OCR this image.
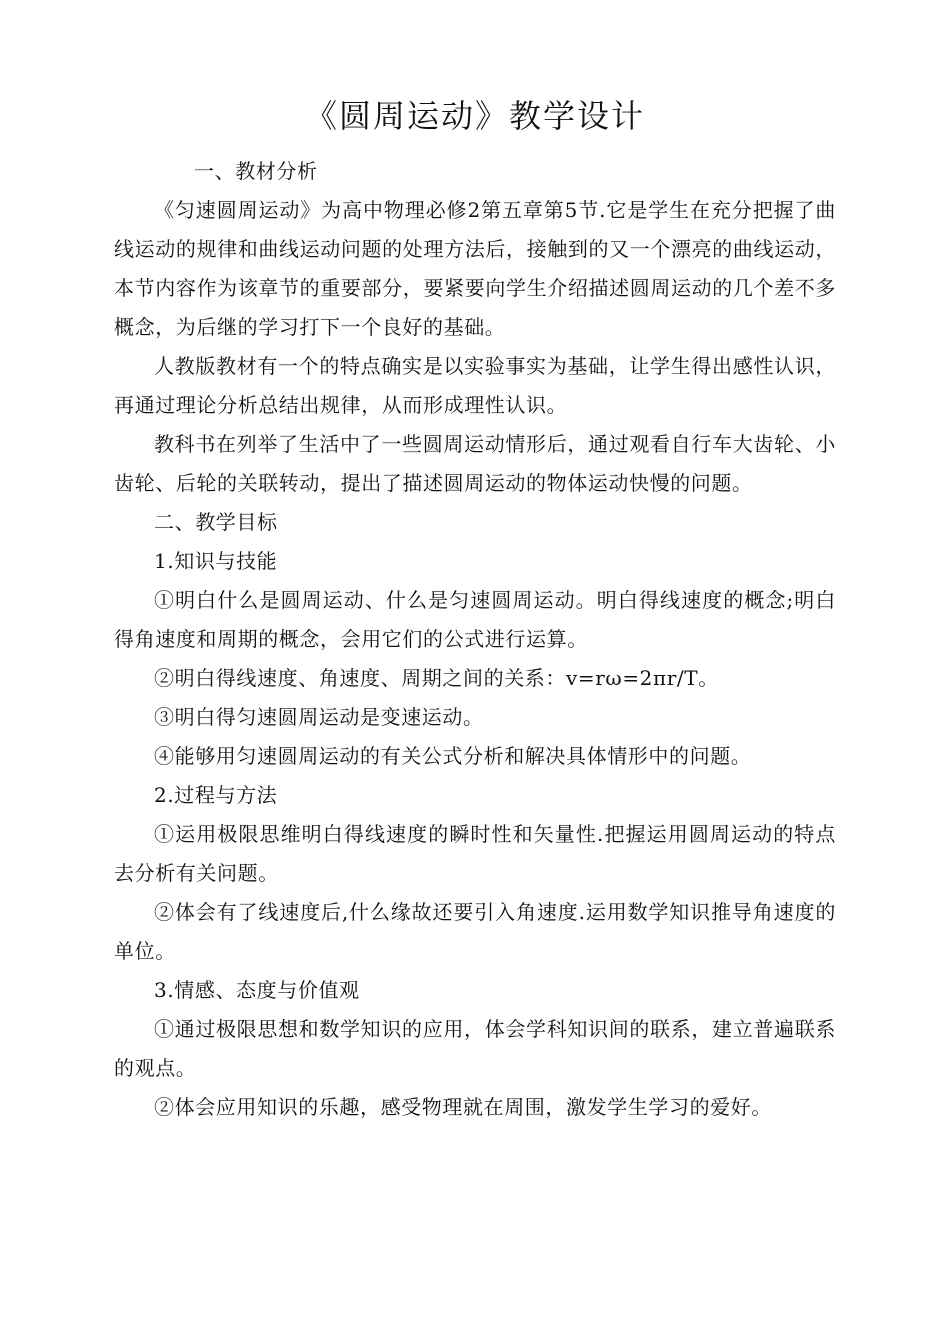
《圆周运动》教学设计

一、教材分析

《匀速圆周运动》为高中物理必修2第五章第5节.它是学生在充分把握了曲线运动的规律和曲线运动问题的处理方法后，接触到的又一个漂亮的曲线运动，本节内容作为该章节的重要部分，要紧要向学生介绍描述圆周运动的几个差不多概念，为后继的学习打下一个良好的基础。

人教版教材有一个的特点确实是以实验事实为基础，让学生得出感性认识，再通过理论分析总结出规律，从而形成理性认识。

教科书在列举了生活中了一些圆周运动情形后，通过观看自行车大齿轮、小齿轮、后轮的关联转动，提出了描述圆周运动的物体运动快慢的问题。

二、教学目标

1.知识与技能

①明白什么是圆周运动、什么是匀速圆周运动。明白得线速度的概念;明白得角速度和周期的概念，会用它们的公式进行运算。

②明白得线速度、角速度、周期之间的关系：v=rω=2πr/T。

③明白得匀速圆周运动是变速运动。

④能够用匀速圆周运动的有关公式分析和解决具体情形中的问题。

2.过程与方法

①运用极限思维明白得线速度的瞬时性和矢量性.把握运用圆周运动的特点去分析有关问题。

②体会有了线速度后,什么缘故还要引入角速度.运用数学知识推导角速度的单位。

3.情感、态度与价值观

①通过极限思想和数学知识的应用，体会学科知识间的联系，建立普遍联系的观点。

②体会应用知识的乐趣，感受物理就在周围，激发学生学习的爱好。
